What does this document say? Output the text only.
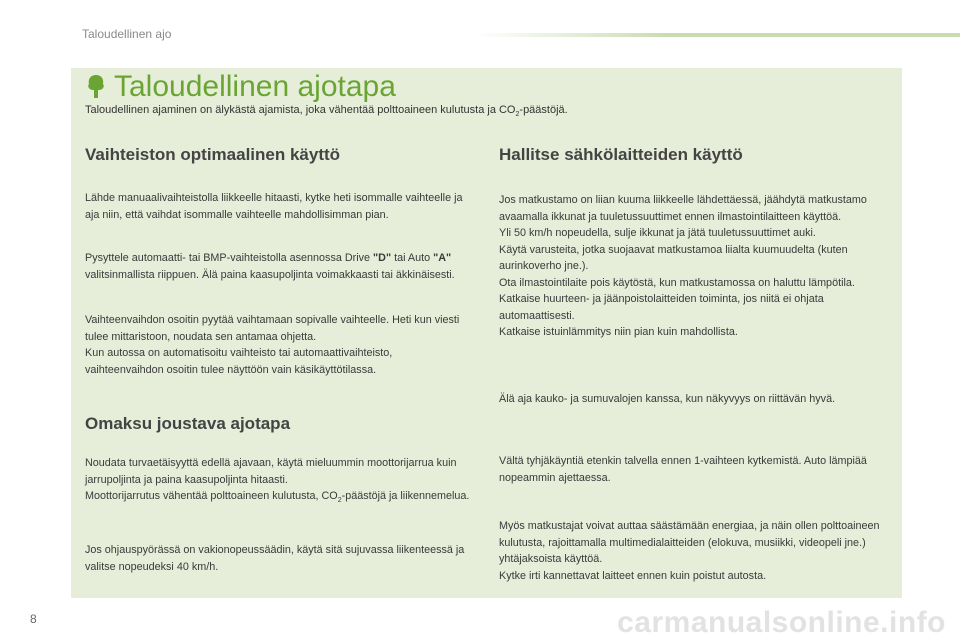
Taloudellinen ajo
Taloudellinen ajotapa
Taloudellinen ajaminen on älykästä ajamista, joka vähentää polttoaineen kulutusta ja $CO_2$-päästöjä.
Vaihteiston optimaalinen käyttö

Lähde manuaalivaihteistolla liikkeelle hitaasti, kytke heti isommalle vaihteelle ja aja niin, että vaihdat isommalle vaihteelle mahdollisimman pian.

Pysyttele automaatti- tai BMP-vaihteistolla asennossa Drive "D" tai Auto "A" valitsinmallista riippuen. Älä paina kaasupoljinta voimakkaasti tai äkkinäisesti.

Vaihteenvaihdon osoitin pyytää vaihtamaan sopivalle vaihteelle. Heti kun viesti tulee mittaristoon, noudata sen antamaa ohjetta.

Kun autossa on automatisoitu vaihteisto tai automaattivaihteisto, vaihteenvaihdon osoitin tulee näyttöön vain käsikäyttötilassa.

Omaksu joustava ajotapa

Noudata turvaetäisyyttä edellä ajavaan, käytä mieluummin moottorijarrua kuin jarrupoljinta ja paina kaasupoljinta hitaasti.

Moottorijarrutus vähentää polttoaineen kulutusta, $CO_2$-päästöjä ja liikennemelua.

Jos ohjauspyörässä on vakionopeussäädin, käytä sitä sujuvassa liikenteessä ja valitse nopeudeksi 40 km/h.

Hallitse sähkölaitteiden käyttö

Jos matkustamo on liian kuuma liikkeelle lähdettäessä, jäähdytä matkustamo avaamalla ikkunat ja tuuletussuuttimet ennen ilmastointilaitteen käyttöä.

Yli 50 km/h nopeudella, sulje ikkunat ja jätä tuuletussuuttimet auki.

Käytä varusteita, jotka suojaavat matkustamoa liialta kuumuudelta (kuten aurinkoverho jne.).

Ota ilmastointilaite pois käytöstä, kun matkustamossa on haluttu lämpötila.

Katkaise huurteen- ja jäänpoistolaitteiden toiminta, jos niitä ei ohjata automaattisesti.

Katkaise istuinlämmitys niin pian kuin mahdollista.

Älä aja kauko- ja sumuvalojen kanssa, kun näkyvyys on riittävän hyvä.

Vältä tyhjäkäyntiä etenkin talvella ennen 1-vaihteen kytkemistä. Auto lämpiää nopeammin ajettaessa.

Myös matkustajat voivat auttaa säästämään energiaa, ja näin ollen polttoaineen kulutusta, rajoittamalla multimedialaitteiden (elokuva, musiikki, videopeli jne.) yhtäjaksoista käyttöä.

Kytke irti kannettavat laitteet ennen kuin poistut autosta.

8	carmanualsonline.info
